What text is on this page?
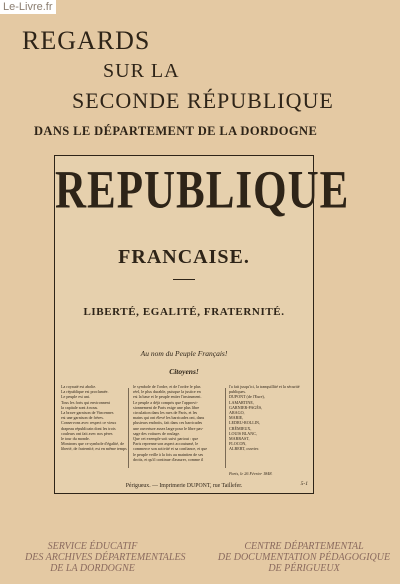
Le-Livre.fr
REGARDS
SUR LA
SECONDE RÉPUBLIQUE
DANS LE DÉPARTEMENT DE LA DORDOGNE
REPUBLIQUE
FRANCAISE.
LIBERTÉ, EGALITÉ, FRATERNITÉ.
Au nom du Peuple Français!
Citoyens!
La royauté est abolie.
La république est proclamée.
Le peuple est uni.
Tous les forts qui environnent
la capitale sont à nous.
La brave garnison de Vincennes
est une garnison de frères.
Conservons avec respect ce vieux
drapeau républicain dont les trois
couleurs ont fait avec nos pères
le tour du monde.
Montrons que ce symbole d'égalité, de
liberté, de fraternité, est en même temps
le symbole de l'ordre, et de l'ordre le plus
réel, le plus durable, puisque la justice en
est la base et le peuple entier l'instrument.
Le peuple a déjà compris que l'approvi-
sionnement de Paris exige une plus libre
circulation dans les rues de Paris, et les
mains qui ont élevé les barricades ont, dans
plusieurs endroits, fait dans ces barricades
une ouverture assez large pour le libre pas-
sage des voitures de roulage.
Que cet exemple soit suivi partout : que
Paris reprenne son aspect accoutumé, le
commerce son activité et sa confiance, et que
le peuple veille à la fois au maintien de ses
droits, et qu'il continue d'assurer, comme il
l'a fait jusqu'ici, la tranquillité et la sécurité
publiques.
DUPONT (de l'Eure),
LAMARTINE,
GARNIER-PAGÈS,
ARAGO,
MARIE,
LEDRU-ROLLIN,
CRÉMIEUX,
LOUIS BLANC,
MARRAST,
FLOCON,
ALBERT, ouvrier.
Paris, le 26 Février 1848.
Périgueux. — Imprimerie DUPONT, rue Taillefer.	5-1
SERVICE ÉDUCATIF
DES ARCHIVES DÉPARTEMENTALES
DE LA DORDOGNE
CENTRE DÉPARTEMENTAL
DE DOCUMENTATION PÉDAGOGIQUE
DE PÉRIGUEUX
